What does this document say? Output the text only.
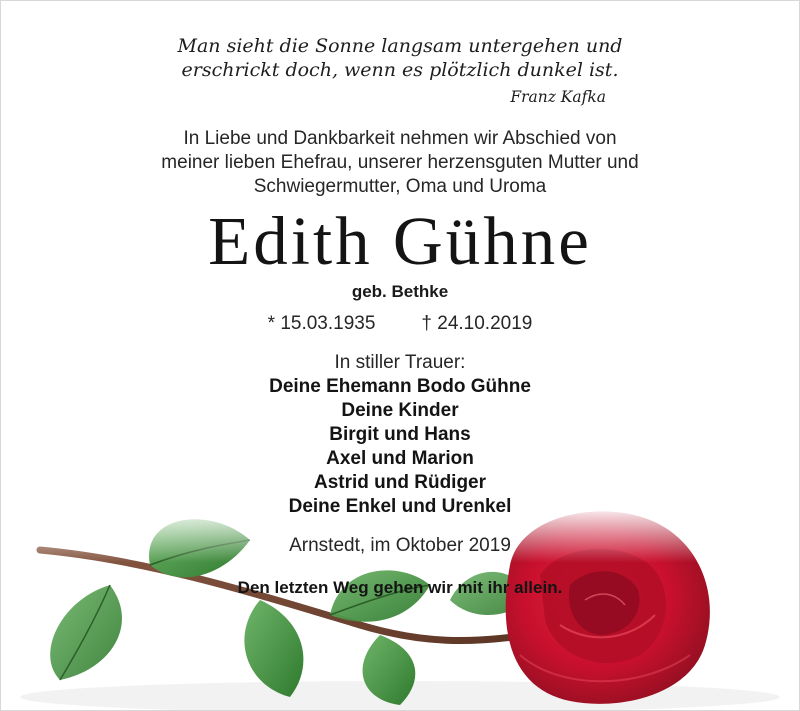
Man sieht die Sonne langsam untergehen und
erschrickt doch, wenn es plötzlich dunkel ist.
Franz Kafka
In Liebe und Dankbarkeit nehmen wir Abschied von
meiner lieben Ehefrau, unserer herzensguten Mutter und
Schwiegermutter, Oma und Uroma
Edith Gühne
geb. Bethke
* 15.03.1935 † 24.10.2019
In stiller Trauer:
Deine Ehemann Bodo Gühne
Deine Kinder
Birgit und Hans
Axel und Marion
Astrid und Rüdiger
Deine Enkel und Urenkel
Arnstedt, im Oktober 2019
Den letzten Weg gehen wir mit ihr allein.
